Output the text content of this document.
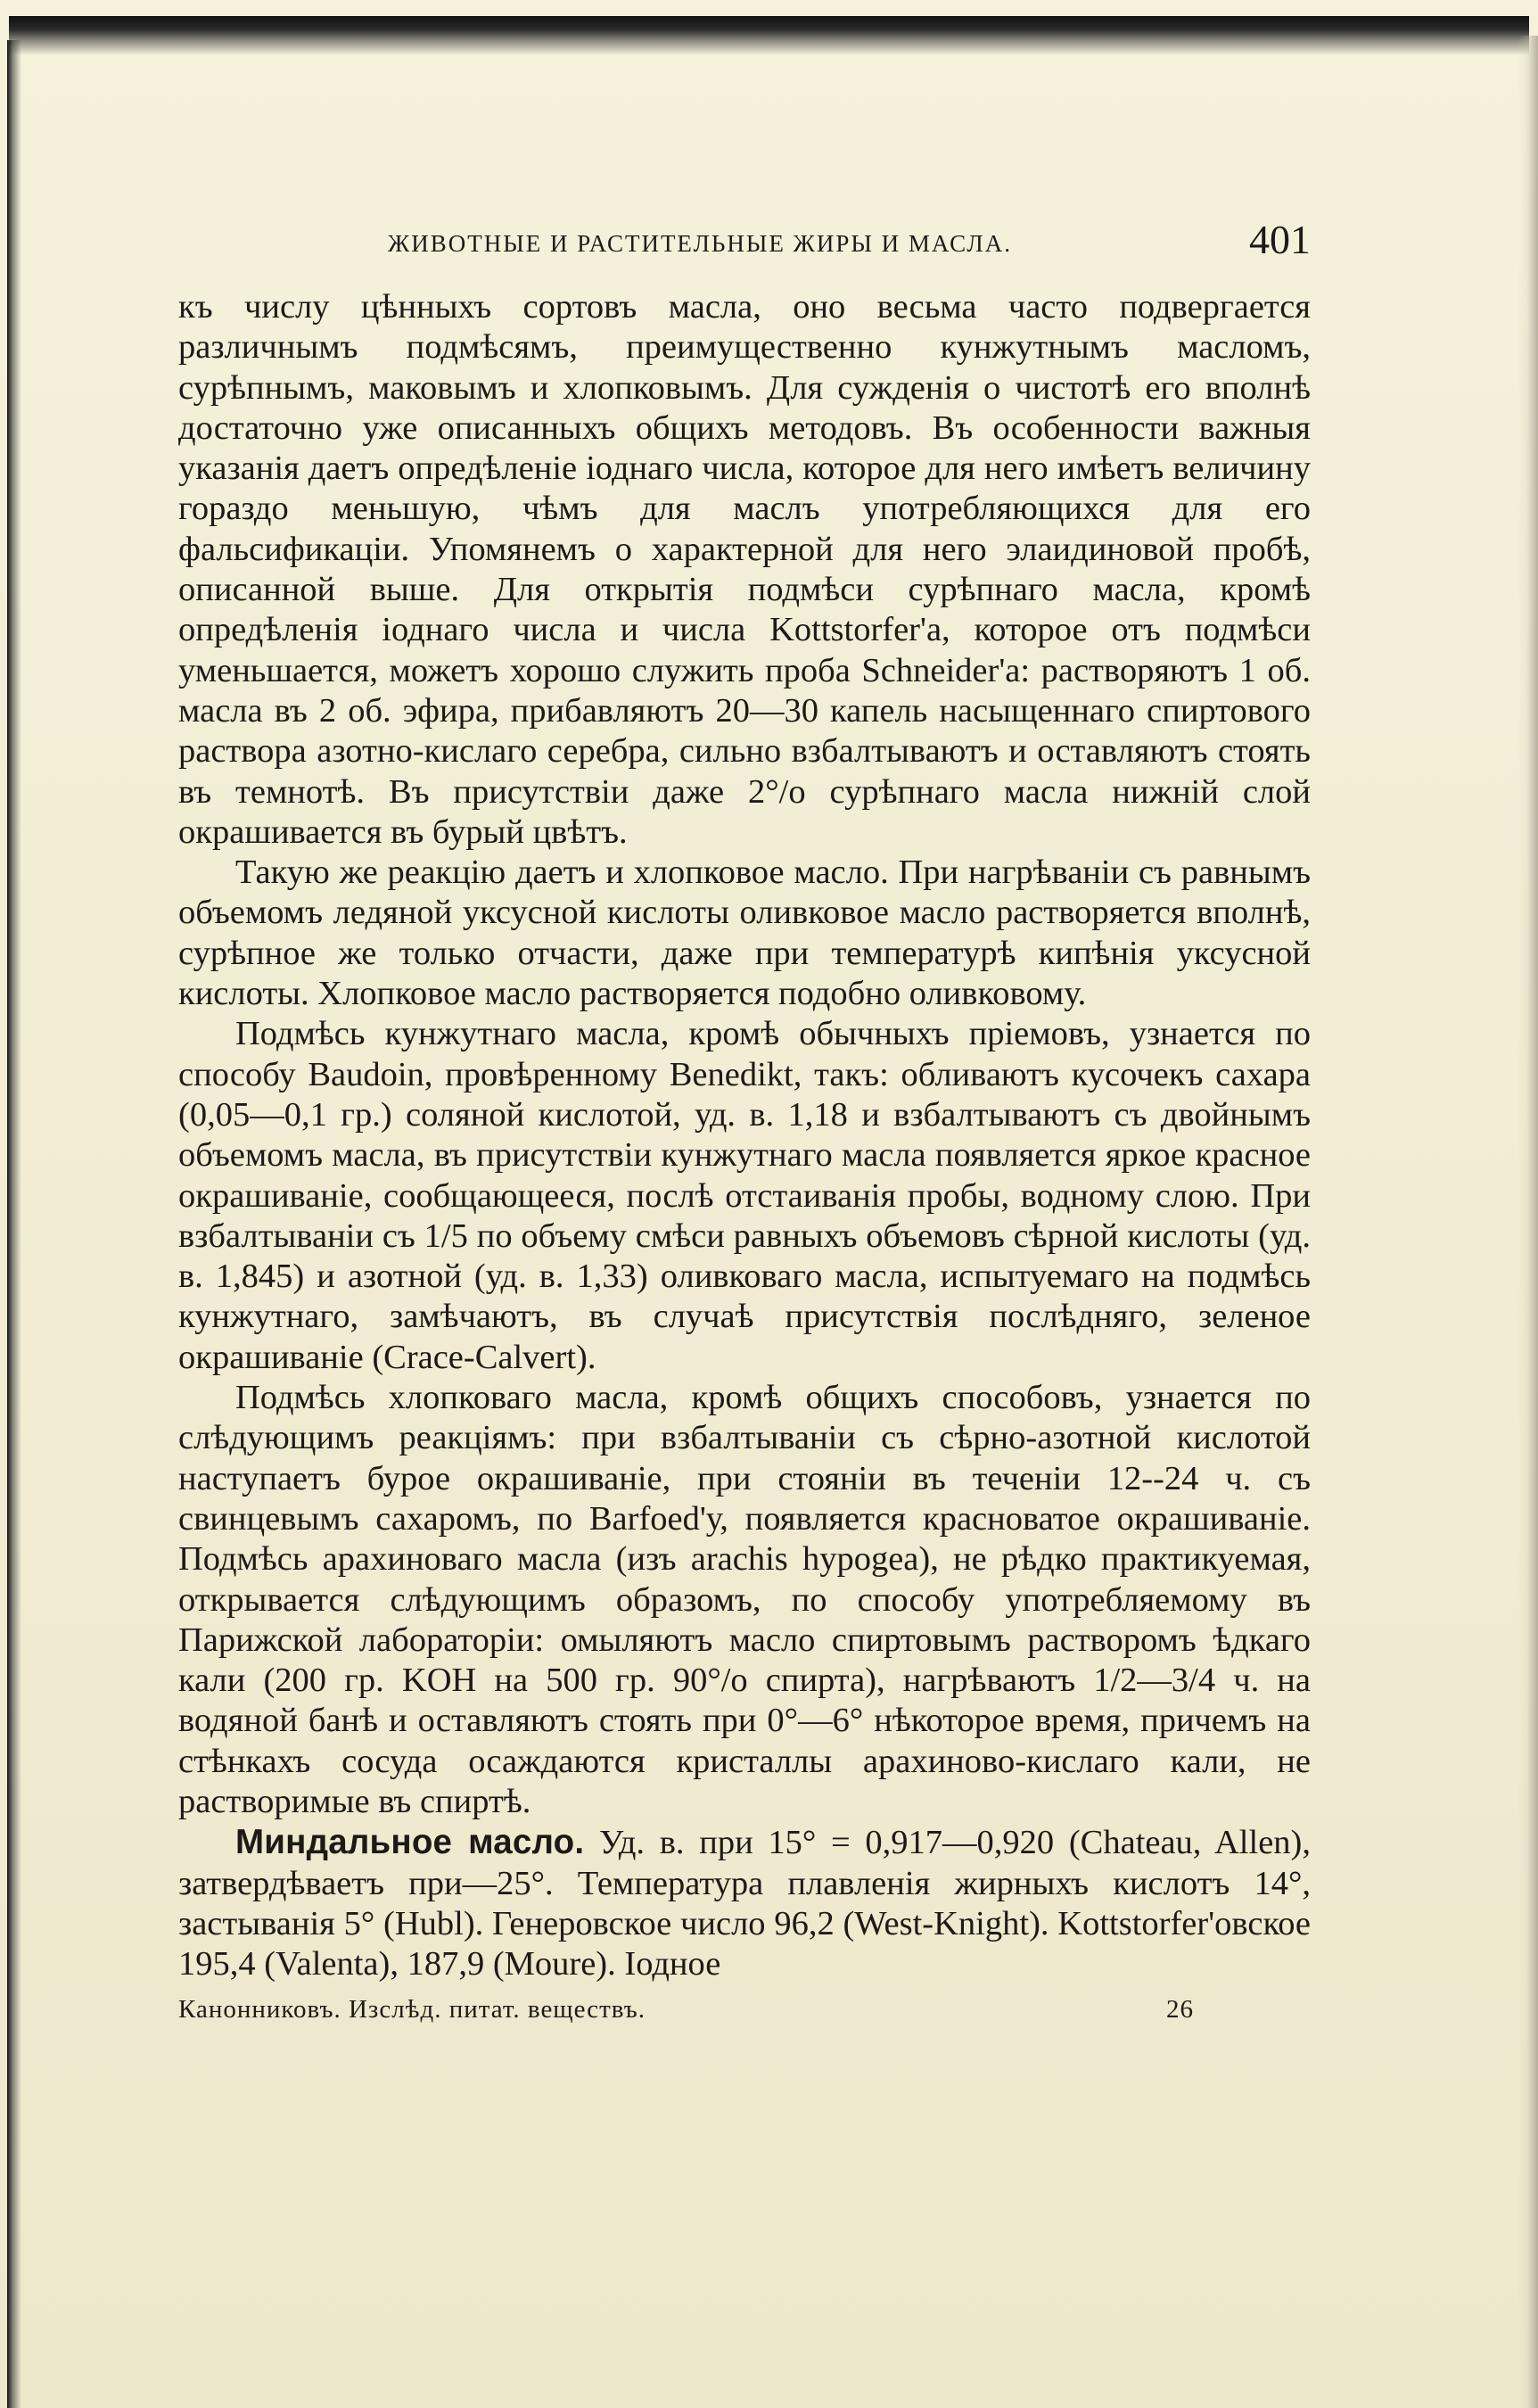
ЖИВОТНЫЕ И РАСТИТЕЛЬНЫЕ ЖИРЫ И МАСЛА.	401

къ числу цѣнныхъ сортовъ масла, оно весьма часто подвергается различнымъ подмѣсямъ, преимущественно кунжутнымъ масломъ, сурѣпнымъ, маковымъ и хлопковымъ. Для сужденія о чистотѣ его вполнѣ достаточно уже описанныхъ общихъ методовъ. Въ особенности важныя указанія даетъ опредѣленіе іоднаго числа, которое для него имѣетъ величину гораздо меньшую, чѣмъ для маслъ употребляющихся для его фальсификаціи. Упомянемъ о характерной для него элаидиновой пробѣ, описанной выше. Для открытія подмѣси сурѣпнаго масла, кромѣ опредѣленія іоднаго числа и числа Kottstorfer'а, которое отъ подмѣси уменьшается, можетъ хорошо служить проба Schneider'а: растворяютъ 1 об. масла въ 2 об. эфира, прибавляютъ 20—30 капель насыщеннаго спиртового раствора азотно-кислаго серебра, сильно взбалтываютъ и оставляютъ стоять въ темнотѣ. Въ присутствіи даже 2°/o сурѣпнаго масла нижній слой окрашивается въ бурый цвѣтъ.

Такую же реакцію даетъ и хлопковое масло. При нагрѣваніи съ равнымъ объемомъ ледяной уксусной кислоты оливковое масло растворяется вполнѣ, сурѣпное же только отчасти, даже при температурѣ кипѣнія уксусной кислоты. Хлопковое масло растворяется подобно оливковому.

Подмѣсь кунжутнаго масла, кромѣ обычныхъ пріемовъ, узнается по способу Baudoin, провѣренному Benedikt, такъ: обливаютъ кусочекъ сахара (0,05—0,1 гр.) соляной кислотой, уд. в. 1,18 и взбалтываютъ съ двойнымъ объемомъ масла, въ присутствіи кунжутнаго масла появляется яркое красное окрашиваніе, сообщающееся, послѣ отстаиванія пробы, водному слою. При взбалтываніи съ 1/5 по объему смѣси равныхъ объемовъ сѣрной кислоты (уд. в. 1,845) и азотной (уд. в. 1,33) оливковаго масла, испытуемаго на подмѣсь кунжутнаго, замѣчаютъ, въ случаѣ присутствія послѣдняго, зеленое окрашиваніе (Crace-Calvert).

Подмѣсь хлопковаго масла, кромѣ общихъ способовъ, узнается по слѣдующимъ реакціямъ: при взбалтываніи съ сѣрно-азотной кислотой наступаетъ бурое окрашиваніе, при стояніи въ теченіи 12--24 ч. съ свинцевымъ сахаромъ, по Barfoed'у, появляется красноватое окрашиваніе. Подмѣсь арахиноваго масла (изъ arachis hypogea), не рѣдко практикуемая, открывается слѣдующимъ образомъ, по способу употребляемому въ Парижской лабораторіи: омыляютъ масло спиртовымъ растворомъ ѣдкаго кали (200 гр. KOH на 500 гр. 90°/o спирта), нагрѣваютъ 1/2—3/4 ч. на водяной банѣ и оставляютъ стоять при 0°—6° нѣкоторое время, причемъ на стѣнкахъ сосуда осаждаются кристаллы арахиново-кислаго кали, не растворимые въ спиртѣ.

Миндальное масло. Уд. в. при 15° = 0,917—0,920 (Chateau, Allen), затвердѣваетъ при—25°. Температура плавленія жирныхъ кислотъ 14°, застыванія 5° (Hubl). Генеровское число 96,2 (West-Knight). Kottstorfer'овское 195,4 (Valenta), 187,9 (Moure). Іодное

Канонниковъ. Изслѣд. питат. веществъ.	26
